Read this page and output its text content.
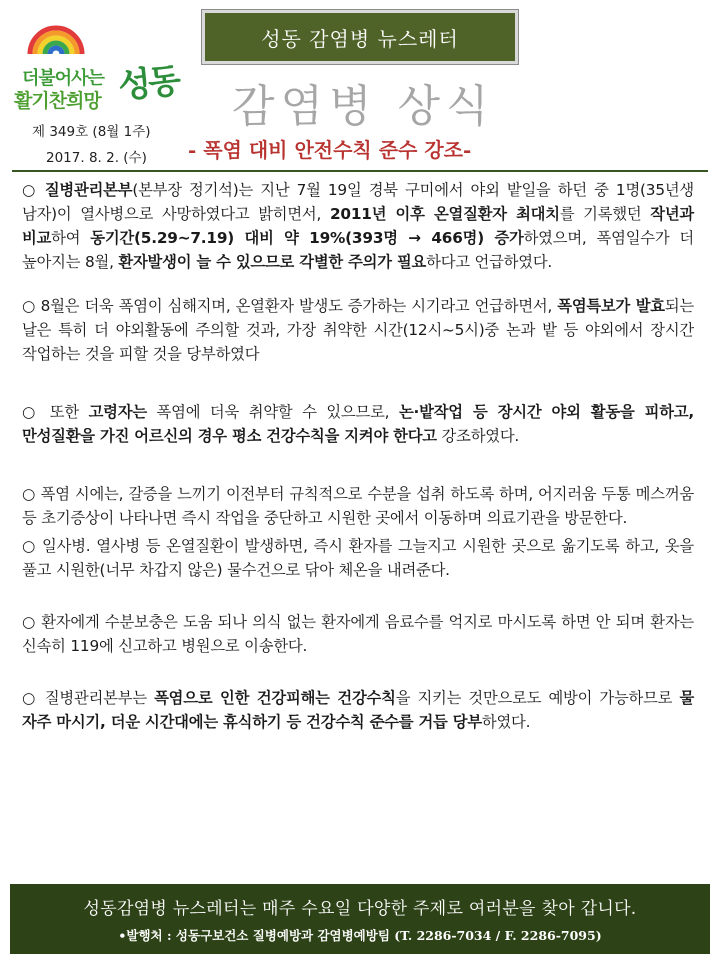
더불어사는
활기찬희망 성동
제 349호 (8월 1주)
2017. 8. 2. (수)
성동 감염병 뉴스레터
감염병 상식
- 폭염 대비 안전수칙 준수 강조-

○ 질병관리본부(본부장 정기석)는 지난 7월 19일 경북 구미에서 야외 밭일을 하던 중 1명(35년생 남자)이 열사병으로 사망하였다고 밝히면서, 2011년 이후 온열질환자 최대치를 기록했던 작년과 비교하여 동기간(5.29~7.19) 대비 약 19%(393명 → 466명) 증가하였으며, 폭염일수가 더 높아지는 8월, 환자발생이 늘 수 있으므로 각별한 주의가 필요하다고 언급하였다.

○ 8월은 더욱 폭염이 심해지며, 온열환자 발생도 증가하는 시기라고 언급하면서, 폭염특보가 발효되는 날은 특히 더 야외활동에 주의할 것과, 가장 취약한 시간(12시~5시)중 논과 밭 등 야외에서 장시간 작업하는 것을 피할 것을 당부하였다

○ 또한 고령자는 폭염에 더욱 취약할 수 있으므로, 논·밭작업 등 장시간 야외 활동을 피하고, 만성질환을 가진 어르신의 경우 평소 건강수칙을 지켜야 한다고 강조하였다.

○ 폭염 시에는, 갈증을 느끼기 이전부터 규칙적으로 수분을 섭취 하도록 하며, 어지러움 두통 메스꺼움 등 초기증상이 나타나면 즉시 작업을 중단하고 시원한 곳에서 이동하며 의료기관을 방문한다.

○ 일사병. 열사병 등 온열질환이 발생하면, 즉시 환자를 그늘지고 시원한 곳으로 옮기도록 하고, 옷을 풀고 시원한(너무 차갑지 않은) 물수건으로 닦아 체온을 내려준다.

○ 환자에게 수분보충은 도움 되나 의식 없는 환자에게 음료수를 억지로 마시도록 하면 안 되며 환자는 신속히 119에 신고하고 병원으로 이송한다.

○ 질병관리본부는 폭염으로 인한 건강피해는 건강수칙을 지키는 것만으로도 예방이 가능하므로 물 자주 마시기, 더운 시간대에는 휴식하기 등 건강수칙 준수를 거듭 당부하였다.

성동감염병 뉴스레터는 매주 수요일 다양한 주제로 여러분을 찾아 갑니다.
•발행처 : 성동구보건소 질병예방과 감염병예방팀 (T. 2286-7034 / F. 2286-7095)
